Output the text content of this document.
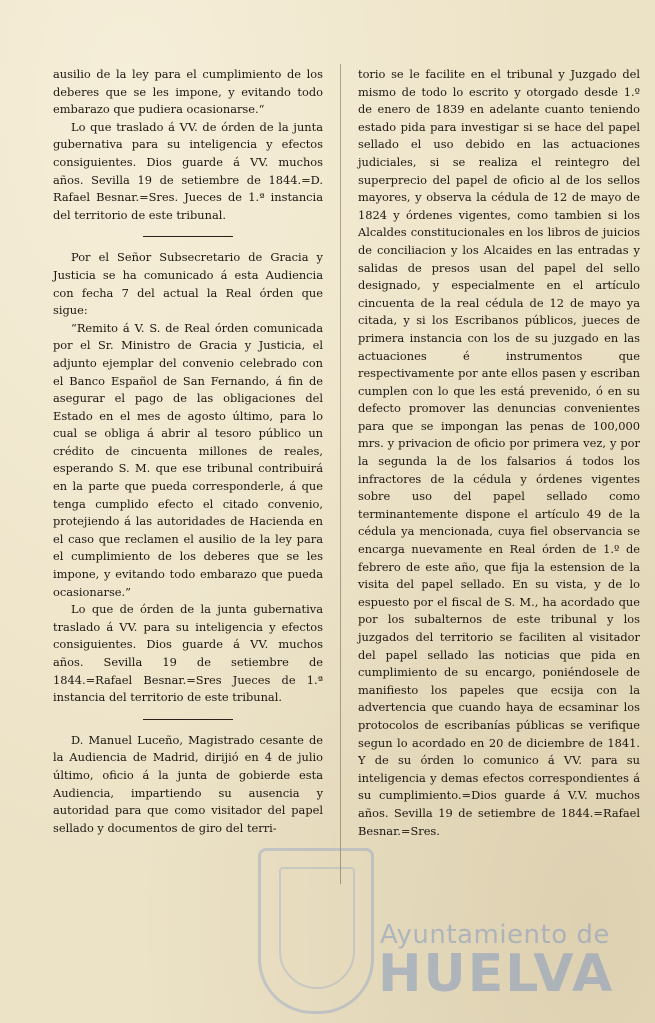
ausilio de la ley para el cumplimiento de los deberes que se les impone, y evitando todo embarazo que pudiera ocasionarse.“

Lo que traslado á VV. de órden de la junta gubernativa para su inteligencia y efectos consiguientes. Dios guarde á VV. muchos años. Sevilla 19 de setiembre de 1844.=D. Rafael Besnar.=Sres. Jueces de 1.ª instancia del territorio de este tribunal.

Por el Señor Subsecretario de Gracia y Justicia se ha comunicado á esta Audiencia con fecha 7 del actual la Real órden que sigue:

“Remito á V. S. de Real órden comunicada por el Sr. Ministro de Gracia y Justicia, el adjunto ejemplar del convenio celebrado con el Banco Español de San Fernando, á fin de asegurar el pago de las obligaciones del Estado en el mes de agosto último, para lo cual se obliga á abrir al tesoro público un crédito de cincuenta millones de reales, esperando S. M. que ese tribunal contribuirá en la parte que pueda corresponderle, á que tenga cumplido efecto el citado convenio, protejiendo á las autoridades de Hacienda en el caso que reclamen el ausilio de la ley para el cumplimiento de los deberes que se les impone, y evitando todo embarazo que pueda ocasionarse.”

Lo que de órden de la junta gubernativa traslado á VV. para su inteligencia y efectos consiguientes. Dios guarde á VV. muchos años. Sevilla 19 de setiembre de 1844.=Rafael Besnar.=Sres Jueces de 1.ª instancia del territorio de este tribunal.

D. Manuel Luceño, Magistrado cesante de la Audiencia de Madrid, dirijió en 4 de julio último, oficio á la junta de gobierde esta Audiencia, impartiendo su ausencia y autoridad para que como visitador del papel sellado y documentos de giro del terri-

torio se le facilite en el tribunal y Juzgado del mismo de todo lo escrito y otorgado desde 1.º de enero de 1839 en adelante cuanto teniendo estado pida para investigar si se hace del papel sellado el uso debido en las actuaciones judiciales, si se realiza el reintegro del superprecio del papel de oficio al de los sellos mayores, y observa la cédula de 12 de mayo de 1824 y órdenes vigentes, como tambien si los Alcaldes constitucionales en los libros de juicios de conciliacion y los Alcaides en las entradas y salidas de presos usan del papel del sello designado, y especialmente en el artículo cincuenta de la real cédula de 12 de mayo ya citada, y si los Escribanos públicos, jueces de primera instancia con los de su juzgado en las actuaciones é instrumentos que respectivamente por ante ellos pasen y escriban cumplen con lo que les está prevenido, ó en su defecto promover las denuncias convenientes para que se impongan las penas de 100,000 mrs. y privacion de oficio por primera vez, y por la segunda la de los falsarios á todos los infractores de la cédula y órdenes vigentes sobre uso del papel sellado como terminantemente dispone el artículo 49 de la cédula ya mencionada, cuya fiel observancia se encarga nuevamente en Real órden de 1.º de febrero de este año, que fija la estension de la visita del papel sellado. En su vista, y de lo espuesto por el fiscal de S. M., ha acordado que por los subalternos de este tribunal y los juzgados del territorio se faciliten al visitador del papel sellado las noticias que pida en cumplimiento de su encargo, poniéndosele de manifiesto los papeles que ecsija con la advertencia que cuando haya de ecsaminar los protocolos de escribanías públicas se verifique segun lo acordado en 20 de diciembre de 1841. Y de su órden lo comunico á VV. para su inteligencia y demas efectos correspondientes á su cumplimiento.=Dios guarde á V.V. muchos años. Sevilla 19 de setiembre de 1844.=Rafael Besnar.=Sres.

Ayuntamiento de
HUELVA
